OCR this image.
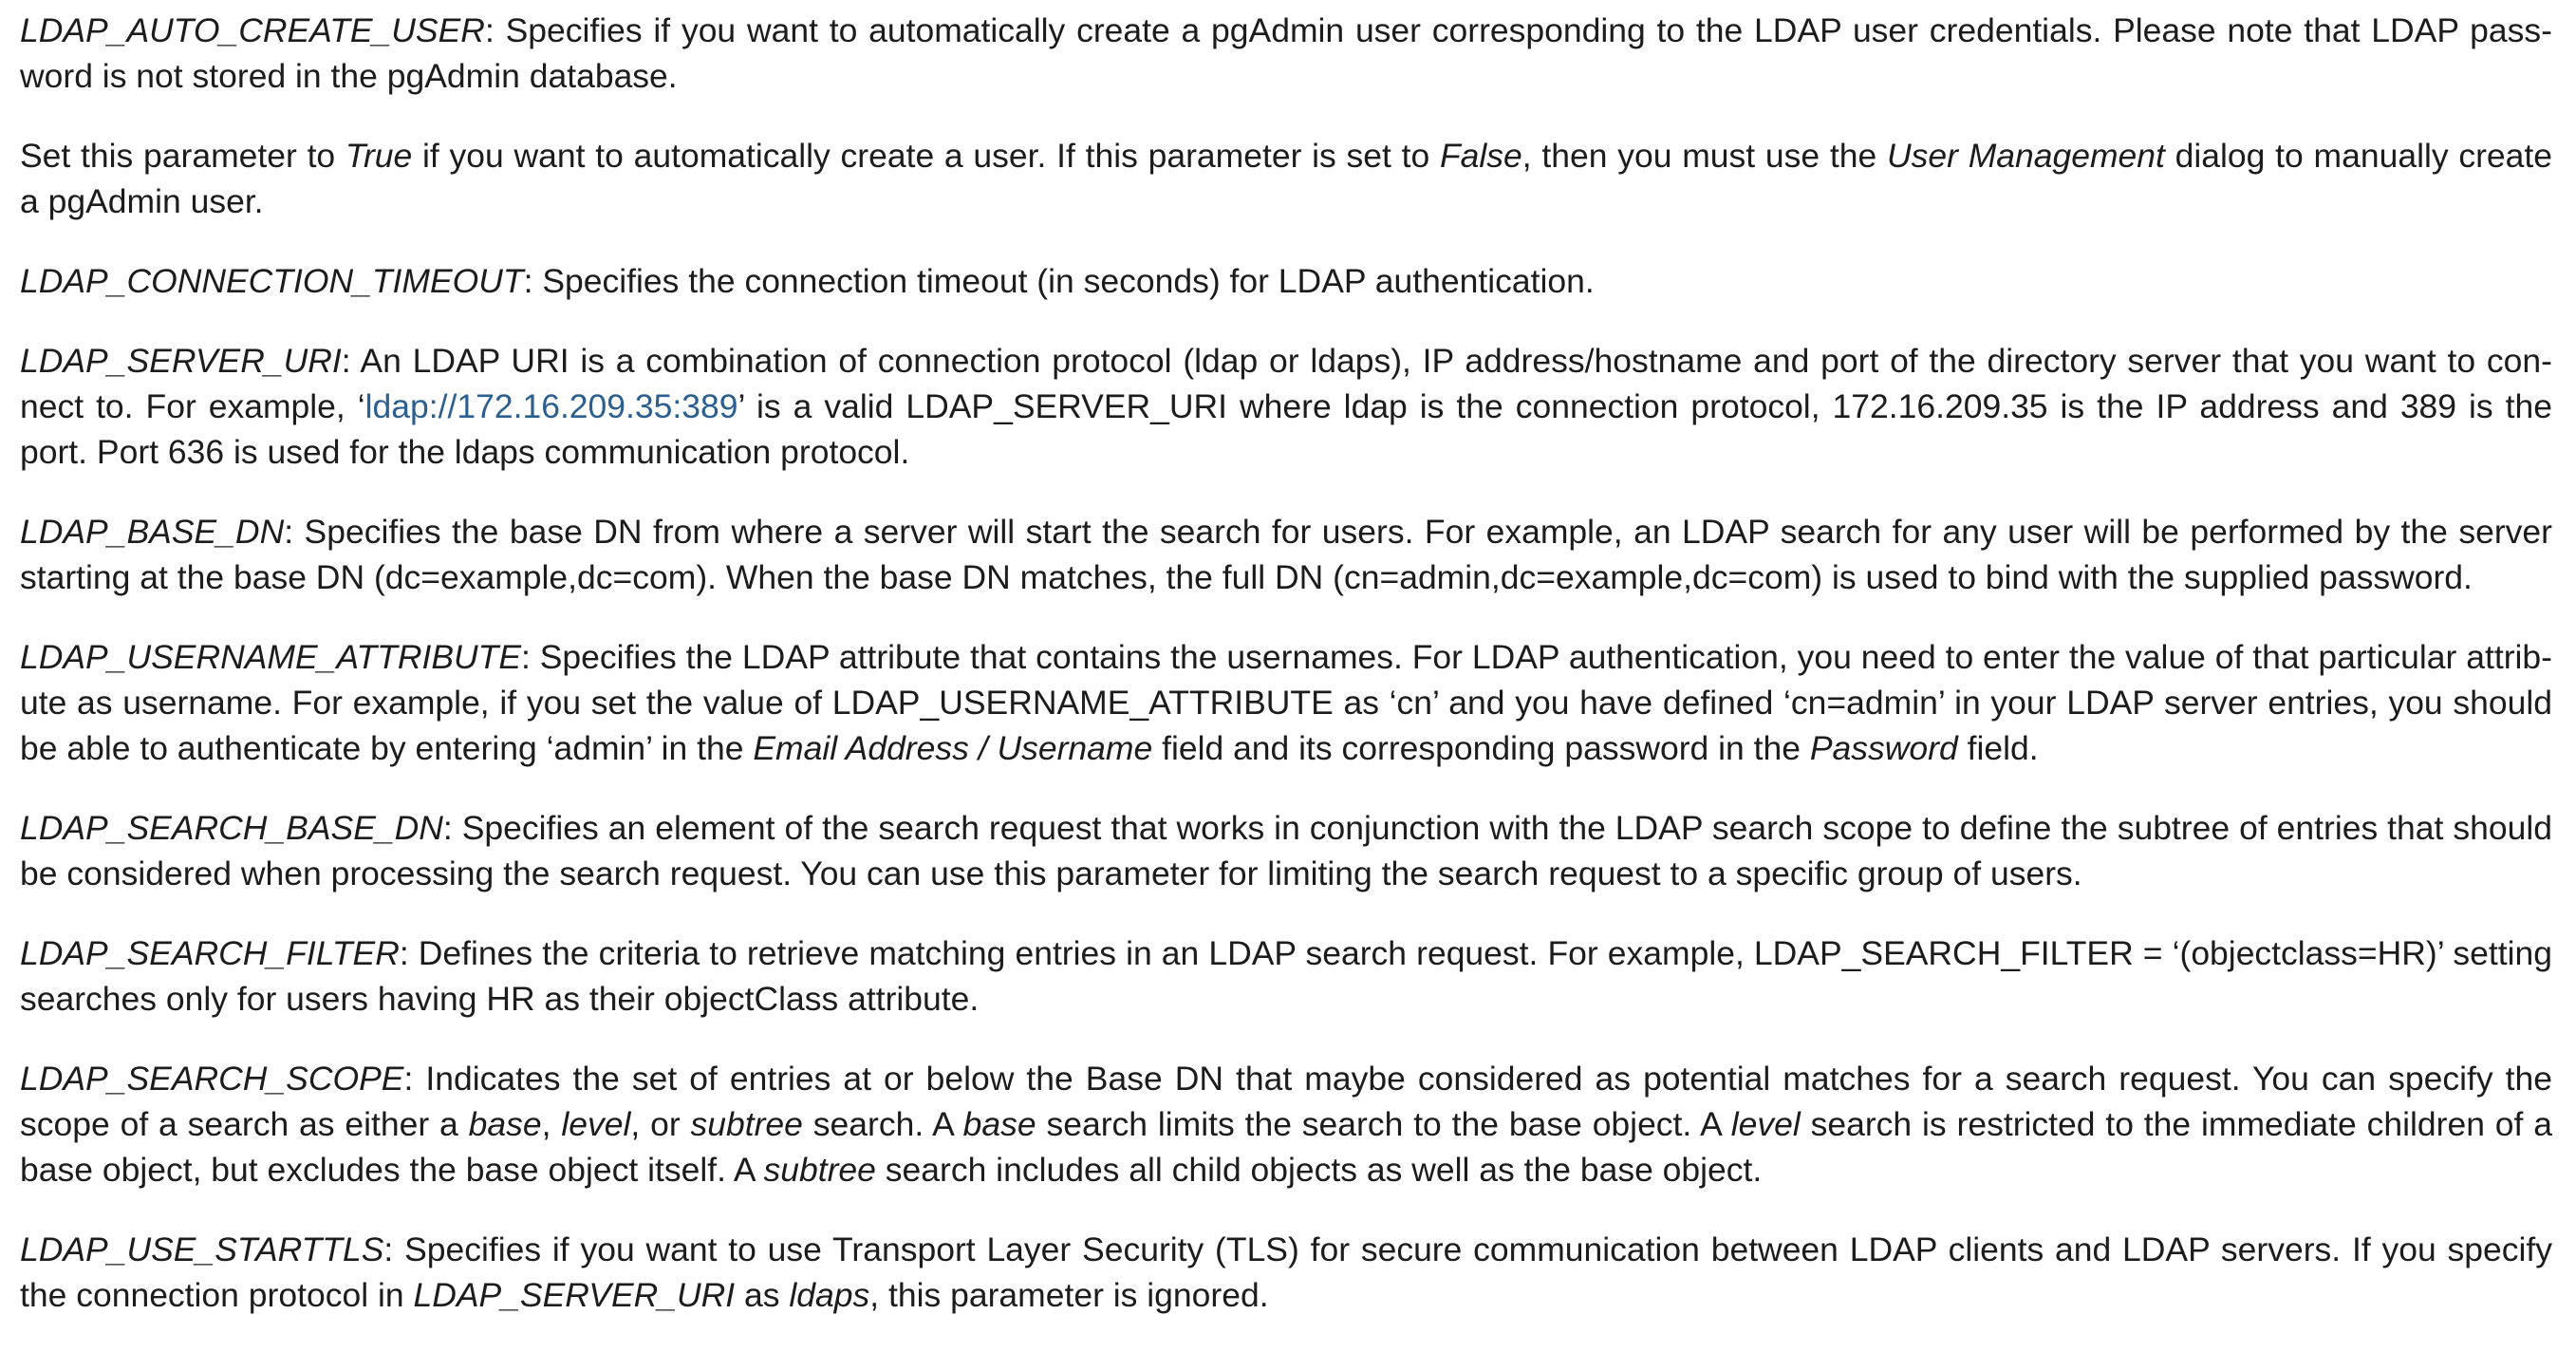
LDAP_AUTO_CREATE_USER: Specifies if you want to automatically create a pgAdmin user corresponding to the LDAP user credentials. Please note that LDAP password is not stored in the pgAdmin database.

Set this parameter to True if you want to automatically create a user. If this parameter is set to False, then you must use the User Management dialog to manually create a pgAdmin user.

LDAP_CONNECTION_TIMEOUT: Specifies the connection timeout (in seconds) for LDAP authentication.

LDAP_SERVER_URI: An LDAP URI is a combination of connection protocol (ldap or ldaps), IP address/hostname and port of the directory server that you want to connect to. For example, ‘ldap://172.16.209.35:389’ is a valid LDAP_SERVER_URI where ldap is the connection protocol, 172.16.209.35 is the IP address and 389 is the port. Port 636 is used for the ldaps communication protocol.

LDAP_BASE_DN: Specifies the base DN from where a server will start the search for users. For example, an LDAP search for any user will be performed by the server starting at the base DN (dc=example,dc=com). When the base DN matches, the full DN (cn=admin,dc=example,dc=com) is used to bind with the supplied password.

LDAP_USERNAME_ATTRIBUTE: Specifies the LDAP attribute that contains the usernames. For LDAP authentication, you need to enter the value of that particular attribute as username. For example, if you set the value of LDAP_USERNAME_ATTRIBUTE as ‘cn’ and you have defined ‘cn=admin’ in your LDAP server entries, you should be able to authenticate by entering ‘admin’ in the Email Address / Username field and its corresponding password in the Password field.

LDAP_SEARCH_BASE_DN: Specifies an element of the search request that works in conjunction with the LDAP search scope to define the subtree of entries that should be considered when processing the search request. You can use this parameter for limiting the search request to a specific group of users.

LDAP_SEARCH_FILTER: Defines the criteria to retrieve matching entries in an LDAP search request. For example, LDAP_SEARCH_FILTER = ‘(objectclass=HR)’ setting searches only for users having HR as their objectClass attribute.

LDAP_SEARCH_SCOPE: Indicates the set of entries at or below the Base DN that maybe considered as potential matches for a search request. You can specify the scope of a search as either a base, level, or subtree search. A base search limits the search to the base object. A level search is restricted to the immediate children of a base object, but excludes the base object itself. A subtree search includes all child objects as well as the base object.

LDAP_USE_STARTTLS: Specifies if you want to use Transport Layer Security (TLS) for secure communication between LDAP clients and LDAP servers. If you specify the connection protocol in LDAP_SERVER_URI as ldaps, this parameter is ignored.
